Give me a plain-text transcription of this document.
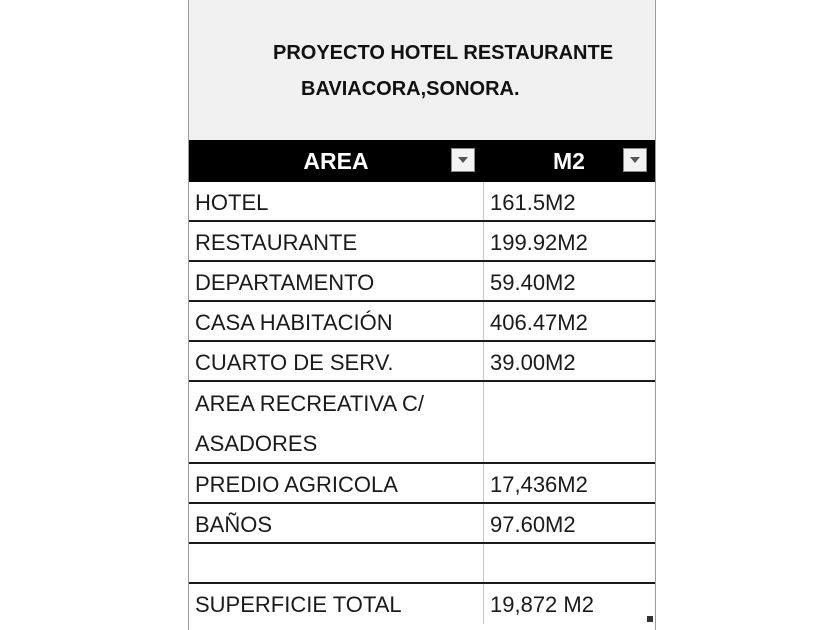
PROYECTO HOTEL RESTAURANTE
BAVIACORA,SONORA.
AREA	M2
HOTEL	161.5M2
RESTAURANTE	199.92M2
DEPARTAMENTO	59.40M2
CASA HABITACIÓN	406.47M2
CUARTO DE SERV.	39.00M2
AREA RECREATIVA C/ ASADORES
PREDIO AGRICOLA	17,436M2
BAÑOS	97.60M2
SUPERFICIE TOTAL	19,872 M2
